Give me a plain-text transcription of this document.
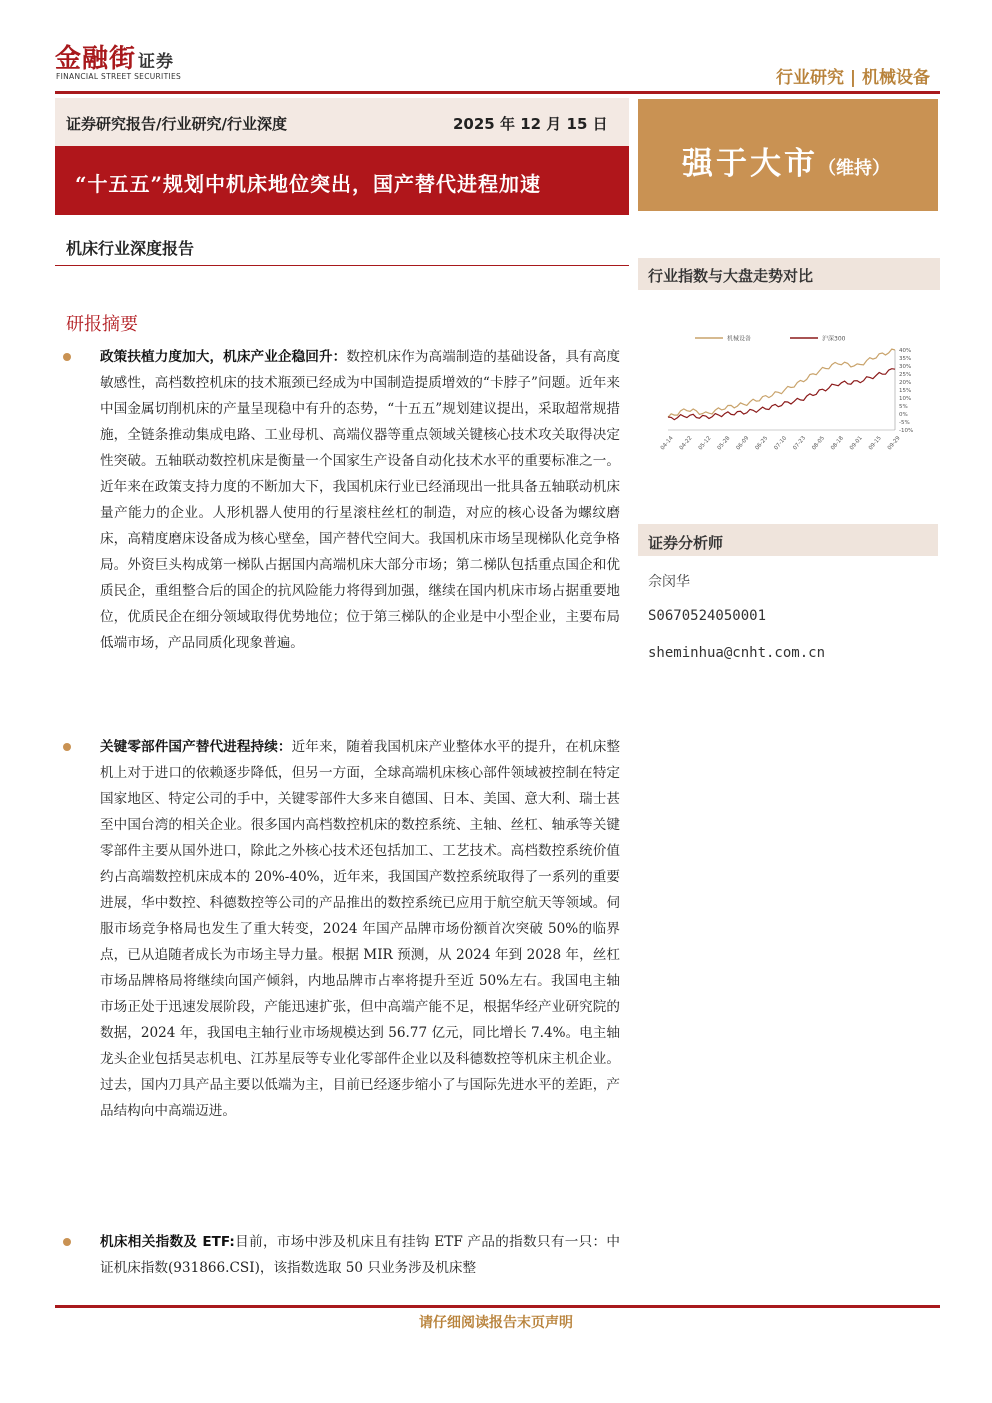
金融街 证券
FINANCIAL STREET SECURITIES	行业研究 | 机械设备
证券研究报告/行业研究/行业深度	2025 年 12 月 15 日
“十五五”规划中机床地位突出，国产替代进程加速
强于大市（维持）
机床行业深度报告
行业指数与大盘走势对比
机械设备	沪深300
40%
35%
30%
25%
20%
15%
10%
5%
0%
-5%
-10%
04-14 04-22 05-12 05-28 06-09 06-25 07-10 07-23 08-05 08-18 09-01 09-15 09-29
研报摘要
证券分析师
佘闵华
S0670524050001
sheminhua@cnht.com.cn
政策扶植力度加大，机床产业企稳回升：数控机床作为高端制造的基础设备，具有高度敏感性，高档数控机床的技术瓶颈已经成为中国制造提质增效的“卡脖子”问题。近年来中国金属切削机床的产量呈现稳中有升的态势，“十五五”规划建议提出，采取超常规措施，全链条推动集成电路、工业母机、高端仪器等重点领域关键核心技术攻关取得决定性突破。五轴联动数控机床是衡量一个国家生产设备自动化技术水平的重要标准之一。近年来在政策支持力度的不断加大下，我国机床行业已经涌现出一批具备五轴联动机床量产能力的企业。人形机器人使用的行星滚柱丝杠的制造，对应的核心设备为螺纹磨床，高精度磨床设备成为核心壁垒，国产替代空间大。我国机床市场呈现梯队化竞争格局。外资巨头构成第一梯队占据国内高端机床大部分市场；第二梯队包括重点国企和优质民企，重组整合后的国企的抗风险能力将得到加强，继续在国内机床市场占据重要地位，优质民企在细分领域取得优势地位；位于第三梯队的企业是中小型企业，主要布局低端市场，产品同质化现象普遍。
关键零部件国产替代进程持续：近年来，随着我国机床产业整体水平的提升，在机床整机上对于进口的依赖逐步降低，但另一方面，全球高端机床核心部件领域被控制在特定国家地区、特定公司的手中，关键零部件大多来自德国、日本、美国、意大利、瑞士甚至中国台湾的相关企业。很多国内高档数控机床的数控系统、主轴、丝杠、轴承等关键零部件主要从国外进口，除此之外核心技术还包括加工、工艺技术。高档数控系统价值约占高端数控机床成本的 20%-40%，近年来，我国国产数控系统取得了一系列的重要进展，华中数控、科德数控等公司的产品推出的数控系统已应用于航空航天等领域。伺服市场竞争格局也发生了重大转变，2024 年国产品牌市场份额首次突破 50%的临界点，已从追随者成长为市场主导力量。根据 MIR 预测，从 2024 年到 2028 年，丝杠市场品牌格局将继续向国产倾斜，内地品牌市占率将提升至近 50%左右。我国电主轴市场正处于迅速发展阶段，产能迅速扩张，但中高端产能不足，根据华经产业研究院的数据，2024 年，我国电主轴行业市场规模达到 56.77 亿元，同比增长 7.4%。电主轴龙头企业包括昊志机电、江苏星辰等专业化零部件企业以及科德数控等机床主机企业。过去，国内刀具产品主要以低端为主，目前已经逐步缩小了与国际先进水平的差距，产品结构向中高端迈进。
机床相关指数及 ETF:目前，市场中涉及机床且有挂钩 ETF 产品的指数只有一只：中证机床指数(931866.CSI)，该指数选取 50 只业务涉及机床整
请仔细阅读报告末页声明
